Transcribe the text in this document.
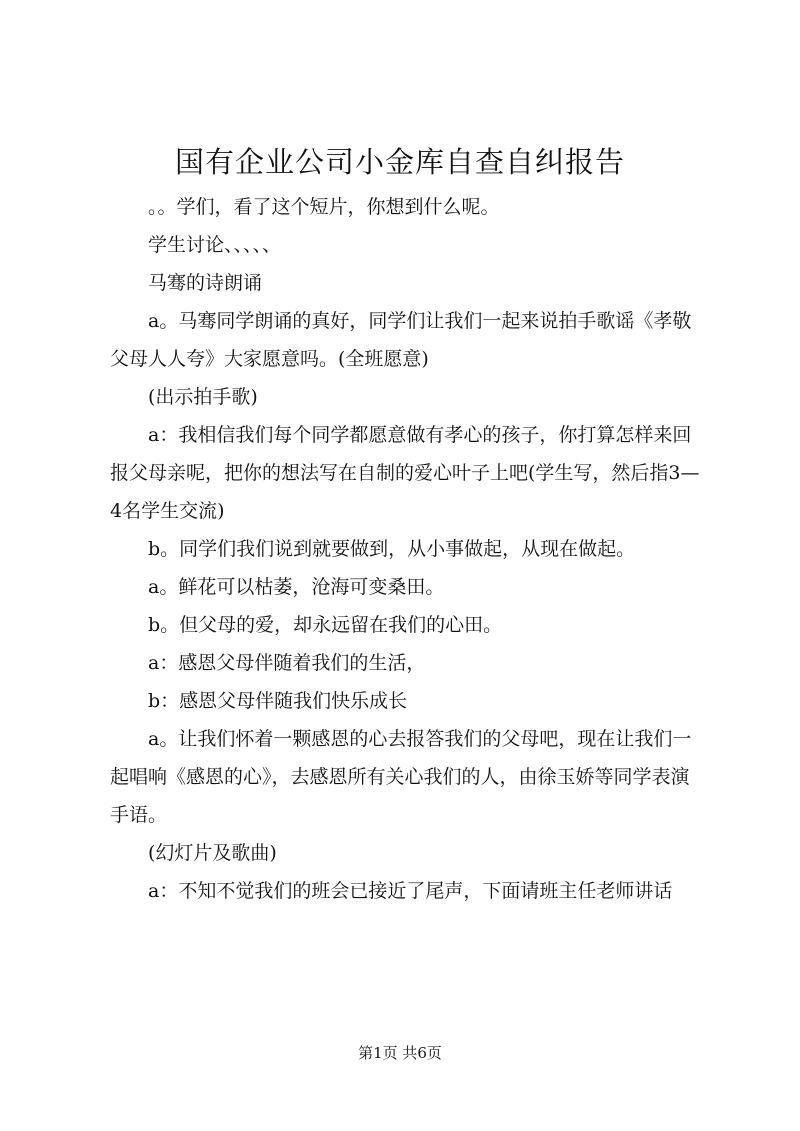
国有企业公司小金库自查自纠报告

。。学们，看了这个短片，你想到什么呢。

学生讨论、、、、、

马骞的诗朗诵

a。马骞同学朗诵的真好，同学们让我们一起来说拍手歌谣《孝敬父母人人夸》大家愿意吗。(全班愿意)

(出示拍手歌)

a：我相信我们每个同学都愿意做有孝心的孩子，你打算怎样来回报父母亲呢，把你的想法写在自制的爱心叶子上吧(学生写，然后指3—4名学生交流)

b。同学们我们说到就要做到，从小事做起，从现在做起。

a。鲜花可以枯萎，沧海可变桑田。

b。但父母的爱，却永远留在我们的心田。

a：感恩父母伴随着我们的生活，

b：感恩父母伴随我们快乐成长

a。让我们怀着一颗感恩的心去报答我们的父母吧，现在让我们一起唱响《感恩的心》，去感恩所有关心我们的人，由徐玉娇等同学表演手语。

(幻灯片及歌曲)

a：不知不觉我们的班会已接近了尾声，下面请班主任老师讲话

第1页 共6页
